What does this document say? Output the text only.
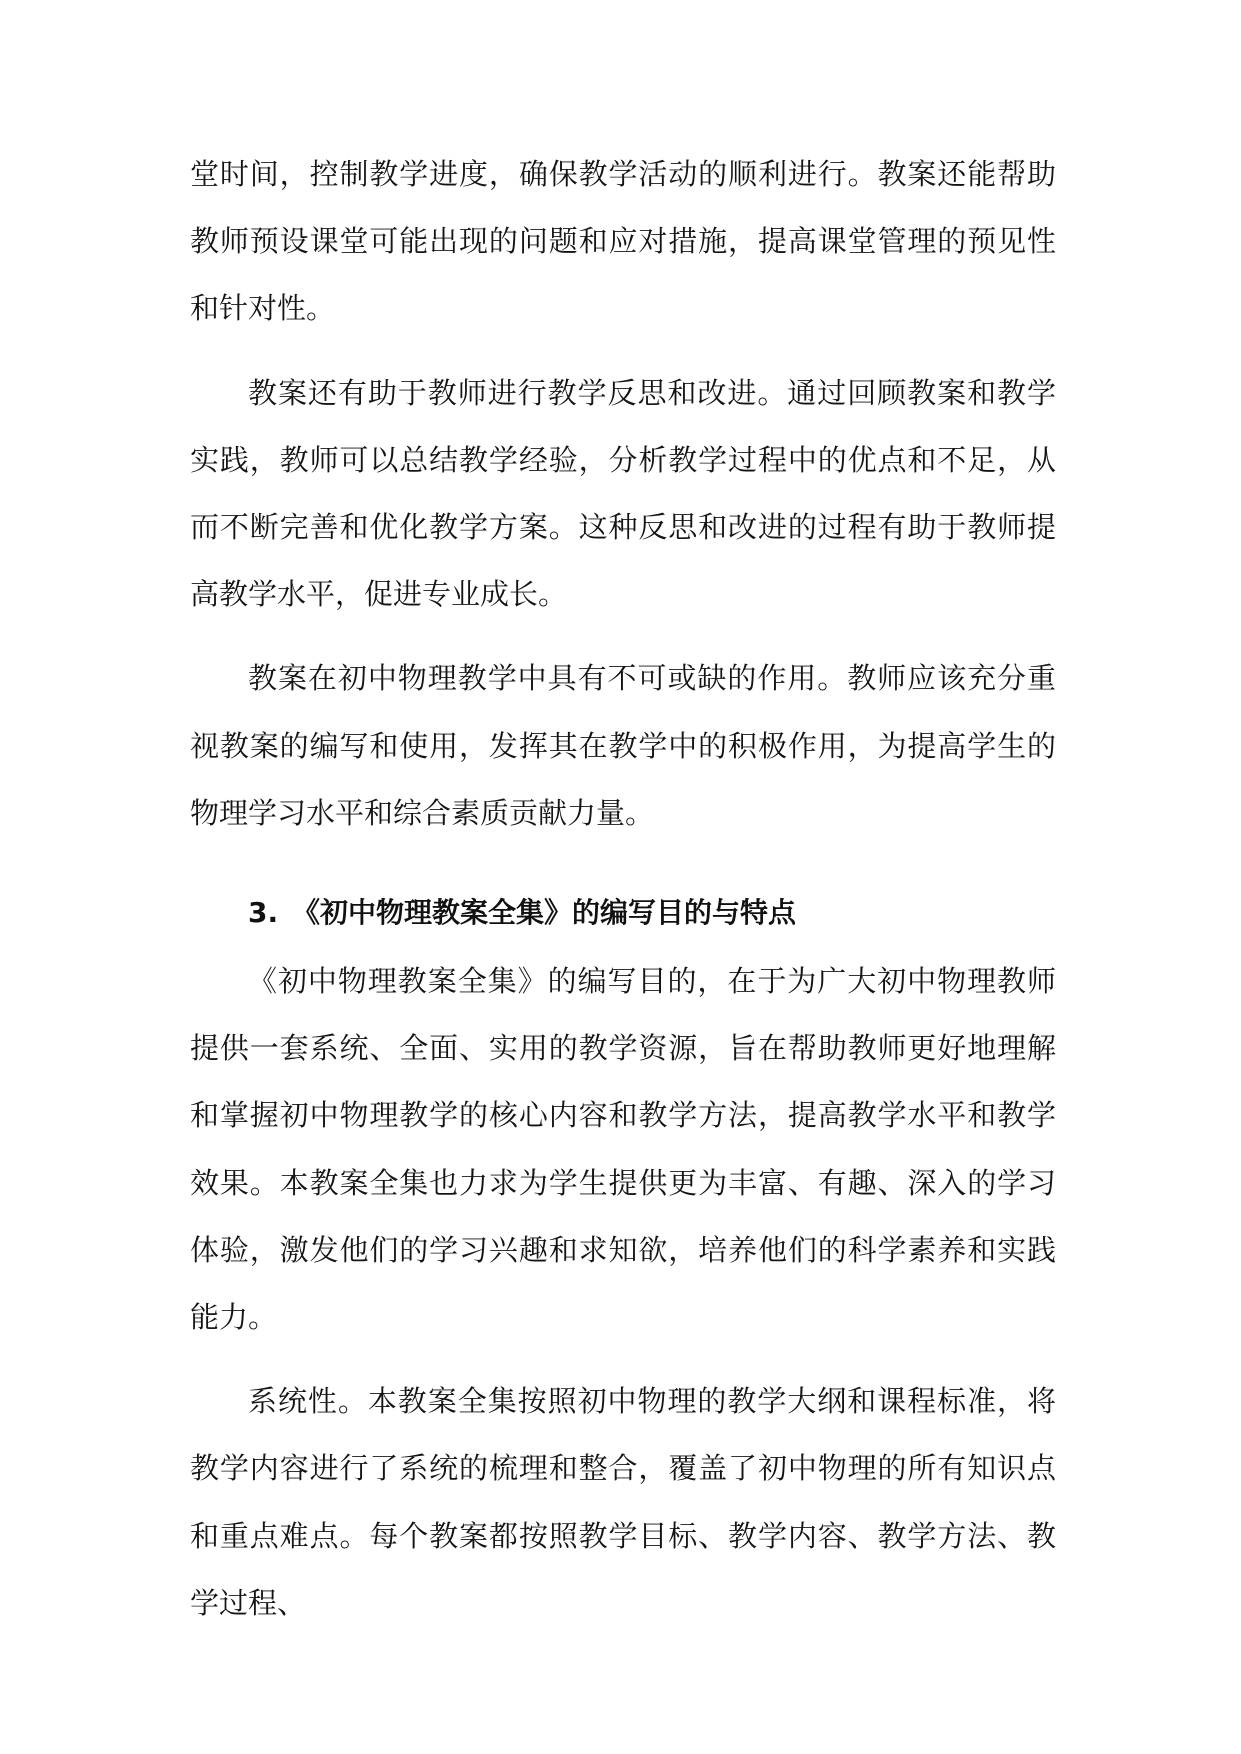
堂时间，控制教学进度，确保教学活动的顺利进行。教案还能帮助教师预设课堂可能出现的问题和应对措施，提高课堂管理的预见性和针对性。

教案还有助于教师进行教学反思和改进。通过回顾教案和教学实践，教师可以总结教学经验，分析教学过程中的优点和不足，从而不断完善和优化教学方案。这种反思和改进的过程有助于教师提高教学水平，促进专业成长。

教案在初中物理教学中具有不可或缺的作用。教师应该充分重视教案的编写和使用，发挥其在教学中的积极作用，为提高学生的物理学习水平和综合素质贡献力量。

3. 《初中物理教案全集》的编写目的与特点

《初中物理教案全集》的编写目的，在于为广大初中物理教师提供一套系统、全面、实用的教学资源，旨在帮助教师更好地理解和掌握初中物理教学的核心内容和教学方法，提高教学水平和教学效果。本教案全集也力求为学生提供更为丰富、有趣、深入的学习体验，激发他们的学习兴趣和求知欲，培养他们的科学素养和实践能力。

系统性。本教案全集按照初中物理的教学大纲和课程标准，将教学内容进行了系统的梳理和整合，覆盖了初中物理的所有知识点和重点难点。每个教案都按照教学目标、教学内容、教学方法、教学过程、
